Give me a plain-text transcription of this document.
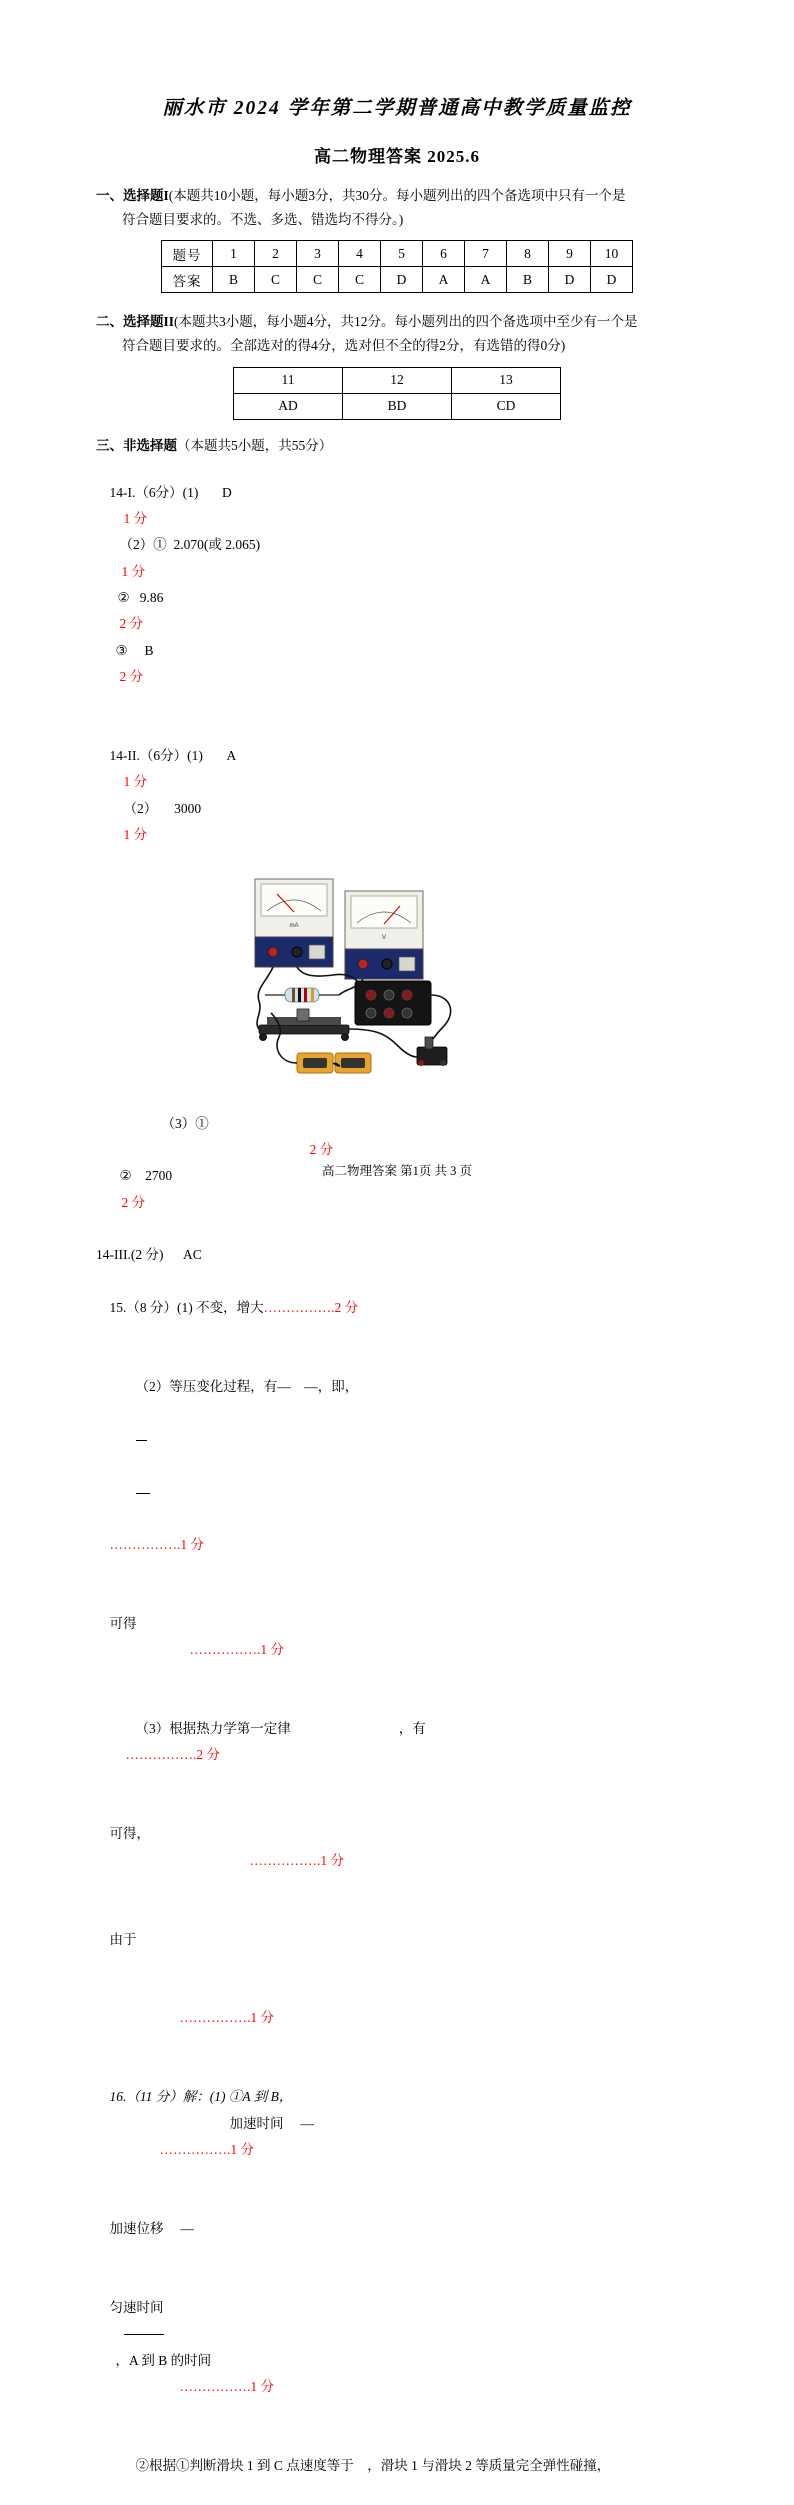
丽水市 2024 学年第二学期普通高中教学质量监控
高二物理答案 2025.6
一、选择题I(本题共10小题，每小题3分，共30分。每小题列出的四个备选项中只有一个是
符合题目要求的。不选、多选、错选均不得分。)
题号	1	2	3	4	5	6	7	8	9	10
答案	B	C	C	C	D	A	A	B	D	D
二、选择题II(本题共3小题，每小题4分，共12分。每小题列出的四个备选项中至少有一个是
符合题目要求的。全部选对的得4分，选对但不全的得2分，有选错的得0分)
11	12	13
AD	BD	CD
三、非选择题（本题共5小题，共55分）

14-I.（6分）(1)  　 D
1 分
（2）①  2.070(或 2.065)
1 分
②   9.86
2 分
③　 B
2 分

14-II.（6分）(1)  　 A
1 分
（2）     3000
1 分

mA
V

（3）①
2 分
②    2700
2 分

14-III.(2 分)      AC

15.（8 分）(1) 不变，增大…………….2 分

（2）等压变化过程，有—    —，即，

…………….1 分

可得
…………….1 分

（3）根据热力学第一定律　　　　　　　　，有
…………….2 分

可得，
…………….1 分

由于

…………….1 分

16.（11 分）解：(1) ①A 到 B，
加速时间     —
…………….1 分

加速位移     —

匀速时间

，A 到 B 的时间
…………….1 分

②根据①判断滑块 1 到 C 点速度等于　，滑块 1 与滑块 2 等质量完全弹性碰撞，

高二物理答案 第1页 共 3 页
